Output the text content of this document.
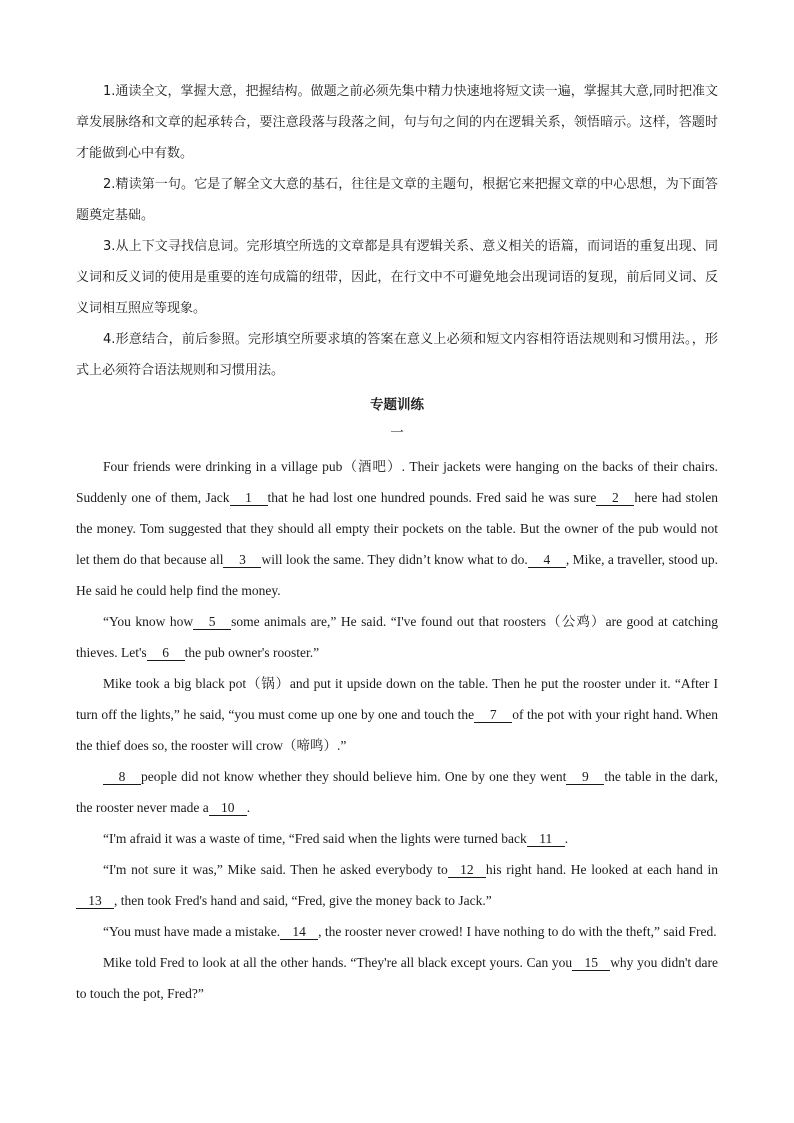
1.通读全文，掌握大意，把握结构。做题之前必须先集中精力快速地将短文读一遍，掌握其大意,同时把准文章发展脉络和文章的起承转合，要注意段落与段落之间，句与句之间的内在逻辑关系，领悟暗示。这样，答题时才能做到心中有数。

2.精读第一句。它是了解全文大意的基石，往往是文章的主题句，根据它来把握文章的中心思想，为下面答题奠定基础。

3.从上下文寻找信息词。完形填空所选的文章都是具有逻辑关系、意义相关的语篇，而词语的重复出现、同义词和反义词的使用是重要的连句成篇的纽带，因此，在行文中不可避免地会出现词语的复现，前后同义词、反义词相互照应等现象。

4.形意结合，前后参照。完形填空所要求填的答案在意义上必须和短文内容相符语法规则和习惯用法。，形式上必须符合语法规则和习惯用法。

专题训练
一

Four friends were drinking in a village pub（酒吧）. Their jackets were hanging on the backs of their chairs. Suddenly one of them, Jack 1 that he had lost one hundred pounds. Fred said he was sure 2 here had stolen the money. Tom suggested that they should all empty their pockets on the table. But the owner of the pub would not let them do that because all 3 will look the same. They didn’t know what to do. 4 , Mike, a traveller, stood up. He said he could help find the money.

“You know how 5 some animals are,” He said. “I've found out that roosters（公鸡）are good at catching thieves. Let's 6 the pub owner's rooster.”

Mike took a big black pot（锅）and put it upside down on the table. Then he put the rooster under it. “After I turn off the lights,” he said, “you must come up one by one and touch the 7 of the pot with your right hand. When the thief does so, the rooster will crow（啼鸣）.”

8 people did not know whether they should believe him. One by one they went 9 the table in the dark, the rooster never made a 10 .

“I'm afraid it was a waste of time, “Fred said when the lights were turned back 11 .

“I'm not sure it was,” Mike said. Then he asked everybody to 12 his right hand. He looked at each hand in13 , then took Fred's hand and said, “Fred, give the money back to Jack.”

“You must have made a mistake. 14 , the rooster never crowed! I have nothing to do with the theft,” said Fred.

Mike told Fred to look at all the other hands. “They're all black except yours. Can you 15 why you didn't dare to touch the pot, Fred?”
